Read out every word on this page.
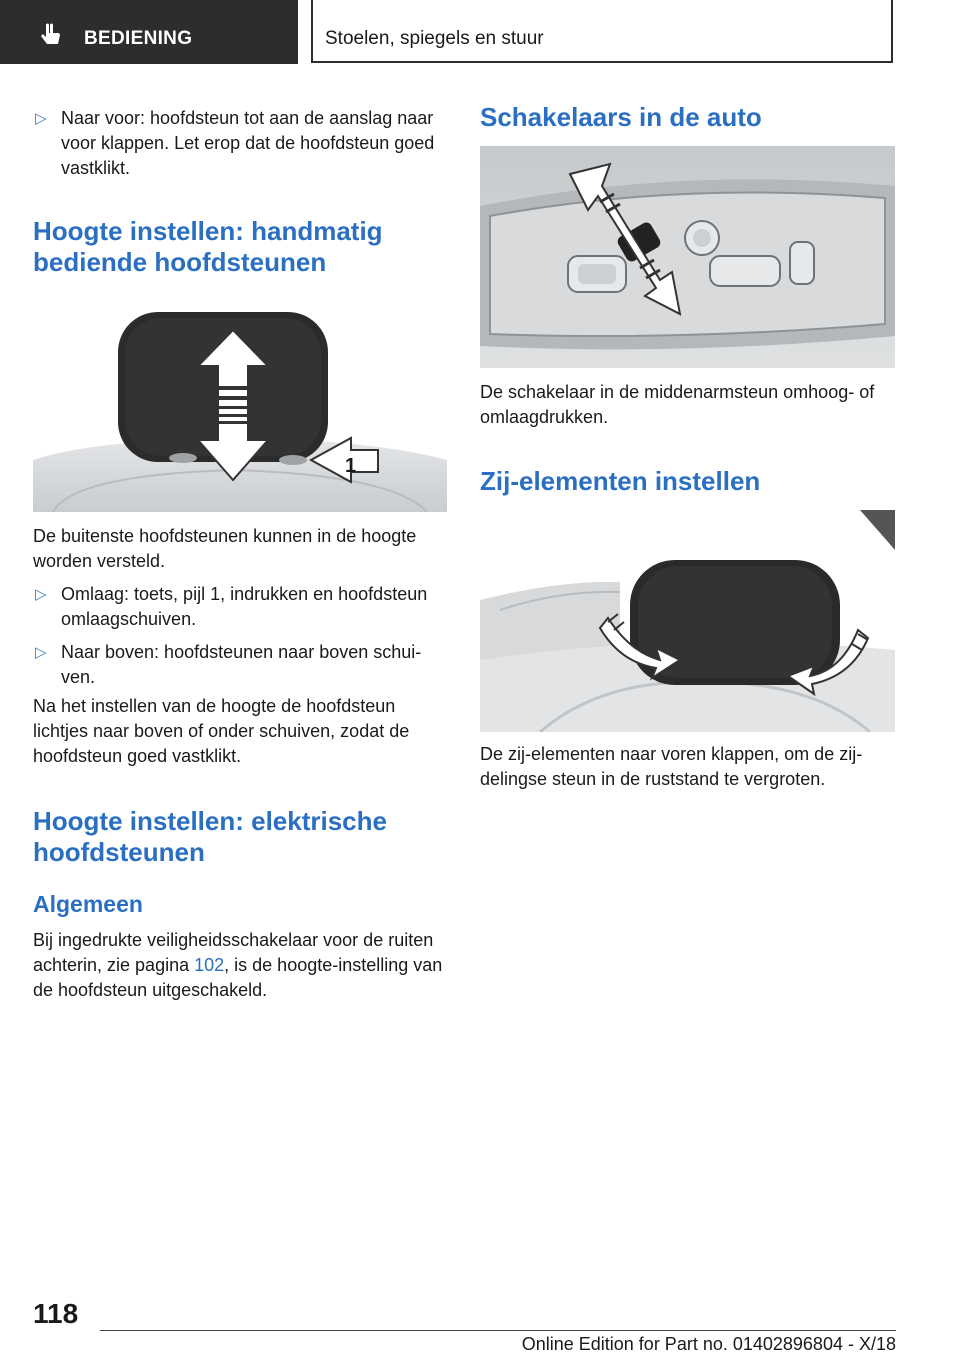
BEDIENING	Stoelen, spiegels en stuur
▷ Naar voor: hoofdsteun tot aan de aanslag naar voor klappen. Let erop dat de hoofdsteun goed vastklikt.

Hoogte instellen: handmatig

bediende hoofdsteunen

1
De buitenste hoofdsteunen kunnen in de hoogte worden versteld.
▷ Omlaag: toets, pijl 1, indrukken en hoofdsteun omlaagschuiven.
▷ Naar boven: hoofdsteunen naar boven schuiven.
Na het instellen van de hoogte de hoofdsteun lichtjes naar boven of onder schuiven, zodat de hoofdsteun goed vastklikt.

Hoogte instellen: elektrische

hoofdsteunen

Algemeen
Bij ingedrukte veiligheidsschakelaar voor de ruiten achterin, zie pagina 102, is de hoogte-instelling van de hoofdsteun uitgeschakeld.
Schakelaars in de auto
De schakelaar in de middenarmsteun omhoog- of omlaagdrukken.
Zij-elementen instellen
De zij-elementen naar voren klappen, om de zijdelingse steun in de ruststand te vergroten.
118
Online Edition for Part no. 01402896804 - X/18
